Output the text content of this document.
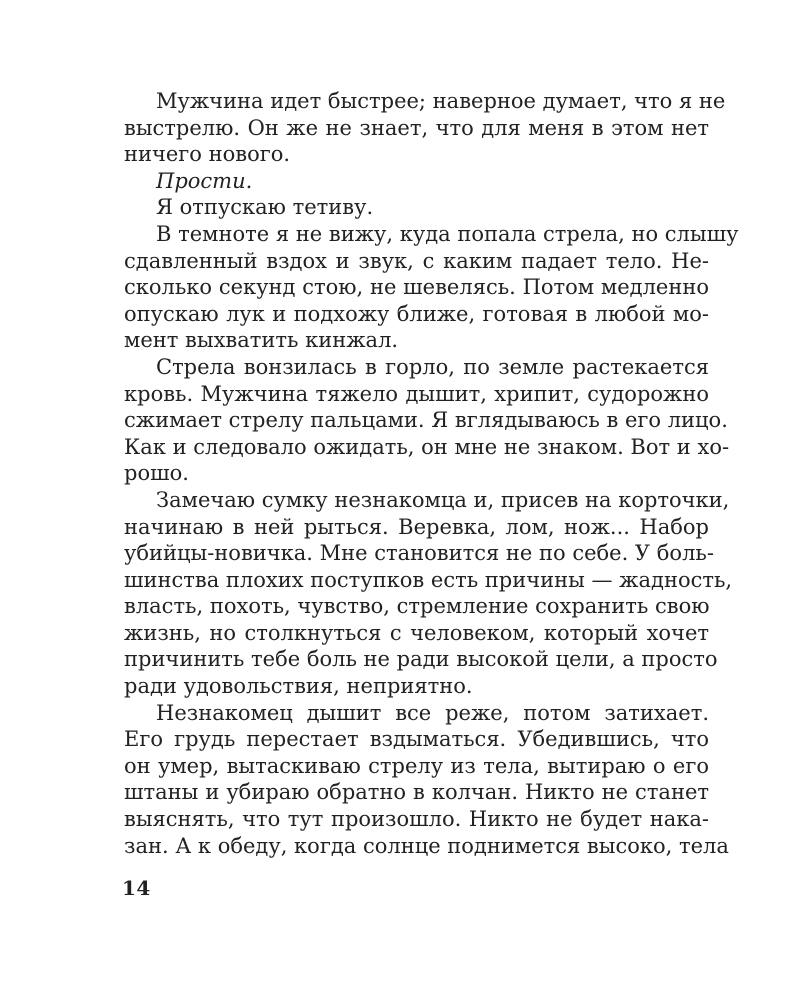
Мужчина идет быстрее; наверное думает, что я не
выстрелю. Он же не знает, что для меня в этом нет
ничего нового.
Прости.
Я отпускаю тетиву.
В темноте я не вижу, куда попала стрела, но слышу
сдавленный вздох и звук, с каким падает тело. Не-
сколько секунд стою, не шевелясь. Потом медленно
опускаю лук и подхожу ближе, готовая в любой мо-
мент выхватить кинжал.
Стрела вонзилась в горло, по земле растекается
кровь. Мужчина тяжело дышит, хрипит, судорожно
сжимает стрелу пальцами. Я вглядываюсь в его лицо.
Как и следовало ожидать, он мне не знаком. Вот и хо-
рошо.
Замечаю сумку незнакомца и, присев на корточки,
начинаю в ней рыться. Веревка, лом, нож... Набор
убийцы-новичка. Мне становится не по себе. У боль-
шинства плохих поступков есть причины — жадность,
власть, похоть, чувство, стремление сохранить свою
жизнь, но столкнуться с человеком, который хочет
причинить тебе боль не ради высокой цели, а просто
ради удовольствия, неприятно.
Незнакомец дышит все реже, потом затихает.
Его грудь перестает вздыматься. Убедившись, что
он умер, вытаскиваю стрелу из тела, вытираю о его
штаны и убираю обратно в колчан. Никто не станет
выяснять, что тут произошло. Никто не будет нака-
зан. А к обеду, когда солнце поднимется высоко, тела
14
